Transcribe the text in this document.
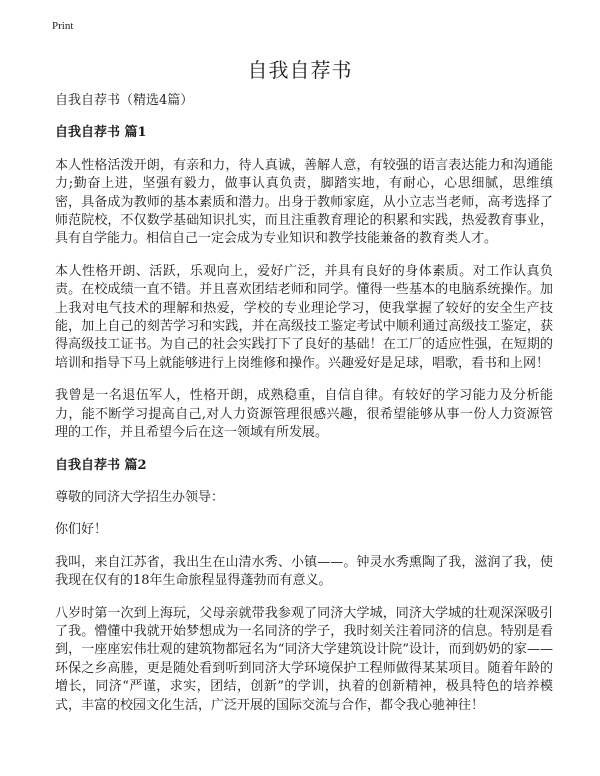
Print
自我自荐书

自我自荐书（精选4篇）

自我自荐书 篇1

本人性格活泼开朗，有亲和力，待人真诚，善解人意，有较强的语言表达能力和沟通能力;勤奋上进，坚强有毅力，做事认真负责，脚踏实地，有耐心，心思细腻，思维缜密，具备成为教师的基本素质和潜力。出身于教师家庭，从小立志当老师，高考选择了师范院校，不仅数学基础知识扎实，而且注重教育理论的积累和实践，热爱教育事业，具有自学能力。相信自己一定会成为专业知识和教学技能兼备的教育类人才。

本人性格开朗、活跃，乐观向上，爱好广泛，并具有良好的身体素质。对工作认真负责。在校成绩一直不错。并且喜欢团结老师和同学。懂得一些基本的电脑系统操作。加上我对电气技术的理解和热爱，学校的专业理论学习，使我掌握了较好的安全生产技能，加上自己的刻苦学习和实践，并在高级技工鉴定考试中顺利通过高级技工鉴定，获得高级技工证书。为自己的社会实践打下了良好的基础！在工厂的适应性强，在短期的培训和指导下马上就能够进行上岗维修和操作。兴趣爱好是足球，唱歌，看书和上网！

我曾是一名退伍军人，性格开朗，成熟稳重，自信自律。有较好的学习能力及分析能力，能不断学习提高自己,对人力资源管理很感兴趣，很希望能够从事一份人力资源管理的工作，并且希望今后在这一领域有所发展。

自我自荐书 篇2

尊敬的同济大学招生办领导：

你们好！

我叫，来自江苏省，我出生在山清水秀、小镇——。钟灵水秀熏陶了我，滋润了我，使我现在仅有的18年生命旅程显得蓬勃而有意义。

八岁时第一次到上海玩，父母亲就带我参观了同济大学城，同济大学城的壮观深深吸引了我。懵懂中我就开始梦想成为一名同济的学子，我时刻关注着同济的信息。特别是看到，一座座宏伟壮观的建筑物都冠名为“同济大学建筑设计院”设计，而到奶奶的家——环保之乡高塍，更是随处看到听到同济大学环境保护工程师做得某某项目。随着年龄的增长，同济“严谨，求实，团结，创新”的学训，执着的创新精神，极具特色的培养模式，丰富的校园文化生活，广泛开展的国际交流与合作，都令我心驰神往！
